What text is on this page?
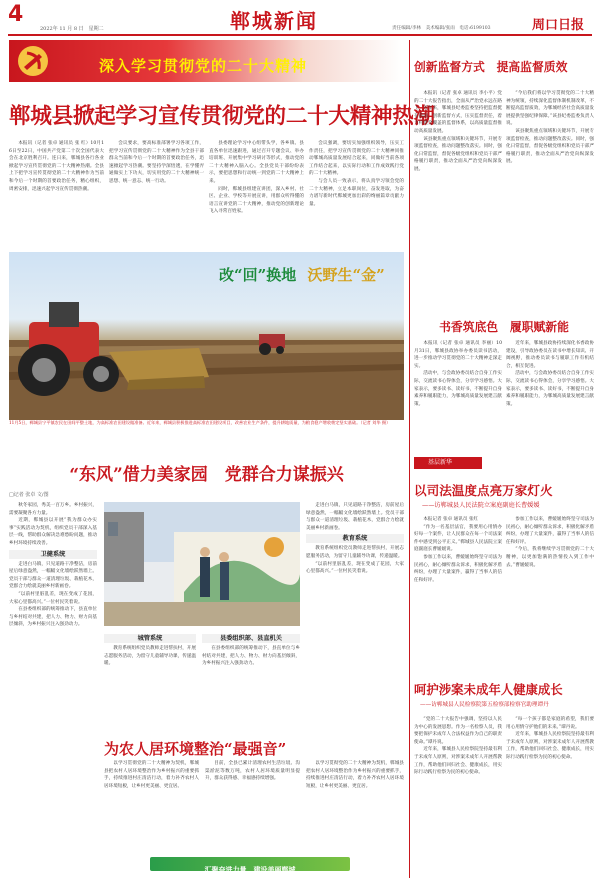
4
2022年 11 月 8 日　星期二	郸城新闻	责任编辑/李林　美术编辑/张雨　电话:6199103	周口日报
深入学习贯彻党的二十大精神
郸城县掀起学习宣传贯彻党的二十大精神热潮

本报讯（记者 张卓 通讯员 张 红）10月16日至22日，中国共产党第二十次全国代表大会在北京胜利召开。连日来，郸城县各行各业掀起学习宣传贯彻党的二十大精神热潮。全县上下把学习宣传贯彻党的二十大精神作为当前和今后一个时期的首要政治任务，精心组织，周密安排，迅速兴起学习宣传贯彻热潮。

会议要求，要高标准部署学习各项工作，把学习宣传贯彻党的二十大精神作为全县干部群众当前和今后一个时期的首要政治任务，迅速掀起学习热潮。要坚持学深悟透，在学懂弄通做实上下功夫，切实用党的二十大精神统一思想、统一意志、统一行动。

县委理论学习中心组带头学，各乡镇、县直各单位迅速跟进，通过召开专题会议、举办培训班、开展集中学习研讨等形式，推动党的二十大精神入脑入心。全县党员干部纷纷表示，要把思想和行动统一到党的二十大精神上来。

同时，郸城县组建宣讲团，深入乡村、社区、企业、学校等开展宣讲，用群众听得懂的语言宣讲党的二十大精神，推动党的创新理论飞入寻常百姓家。

会议强调，要切实加强组织领导，压实工作责任，把学习宣传贯彻党的二十大精神同推动郸城高质量发展结合起来，同做好当前各项工作结合起来，以实际行动和工作成效践行党的二十大精神。

与会人员一致表示，将认真学习领会党的二十大精神，立足本职岗位，奋发进取，为奋力谱写新时代郸城更加出彩的绚丽篇章贡献力量。

改“回”换地 沃野生“金”
11月5日，郸城县宁平镇农民在田间平整土地，为高标准农田建设做准备。近年来，郸城县积极推进高标准农田建设项目，改善农业生产条件，提升耕地质量，为粮食稳产增收奠定坚实基础。（记者 刘华 摄）
“东风”借力美家园　党群合力谋振兴
□记者 张卓 文/图

秋冬家园，秀美一百万乡。乡村振兴，需要凝聚各方力量。

近期，郸城县以开展“我为群众办实事”实践活动为契机，组织党员干部深入基层一线，帮助群众解决急难愁盼问题，推动乡村环境持续改善。

卫健系统

走进白马镇，只见道路干净整洁，房前屋后绿意盎然，一幅幅文化墙绘跃然墙上。党员干部与群众一道清理垃圾、栽植花木，党群合力绘就美丽乡村新画卷。

“以前村里脏乱差，现在变成了花园，大家心里都高兴。”一位村民笑着说。

在县委组织部的统筹推动下，县直单位与乡村结对共建，把人力、物力、财力向基层倾斜，为乡村振兴注入强劲动力。

城管系统

教育系统组织党员教师走进帮扶村，开展志愿服务活动，为留守儿童辅导功课，传递温暖。

县委组织部、县直机关

在县委组织部的统筹推动下，县直单位与乡村结对共建，把人力、物力、财力向基层倾斜，为乡村振兴注入强劲动力。

走进白马镇，只见道路干净整洁，房前屋后绿意盎然，一幅幅文化墙绘跃然墙上。党员干部与群众一道清理垃圾、栽植花木，党群合力绘就美丽乡村新画卷。

教育系统

教育系统组织党员教师走进帮扶村，开展志愿服务活动，为留守儿童辅导功课，传递温暖。

“以前村里脏乱差，现在变成了花园，大家心里都高兴。”一位村民笑着说。

为农人居环境整治“最强音”

以学习贯彻党的二十大精神为契机，郸城县把农村人居环境整治作为乡村振兴的重要抓手，持续推进村庄清洁行动，着力补齐农村人居环境短板，让乡村更美丽、更宜居。

目前，全县已累计清理农村生活垃圾、沟渠淤泥等数万吨，农村人居环境质量明显提升，群众获得感、幸福感持续增强。

以学习贯彻党的二十大精神为契机，郸城县把农村人居环境整治作为乡村振兴的重要抓手，持续推进村庄清洁行动，着力补齐农村人居环境短板，让乡村更美丽、更宜居。

汇聚奋进力量　建设美丽郸城
创新监督方式　提高监督质效

本报讯（记者 张卓 通讯员 李小平）党的二十大报告指出，全面从严治党永远在路上。近年来，郸城县纪委监委坚持把监督挺在前面，创新监督方式，压实监督责任，着力构建全覆盖的监督体系，以高质量监督推动高质量发展。

该县聚焦重点领域和关键环节，开展专项监督检查，推动问题整改落实。同时，强化日常监督，督促各级党组织和党员干部严格履行职责，推动全面从严治党向纵深发展。

“今后我们将以学习贯彻党的二十大精神为统领，持续深化监督体制机制改革，不断提高监督质效，为郸城经济社会高质量发展提供坚强纪律保障。”该县纪委监委负责人说。

该县聚焦重点领域和关键环节，开展专项监督检查，推动问题整改落实。同时，强化日常监督，督促各级党组织和党员干部严格履行职责，推动全面从严治党向纵深发展。

书香筑底色　履职赋新能

本报讯（记者 张卓 通讯员 李丽）10月31日，郸城县政协举办委员读书活动，进一步推动学习贯彻党的二十大精神走深走实。

活动中，与会政协委员结合自身工作实际，交流读书心得体会，分享学习感悟。大家表示，要多读书、读好书，不断提升自身素养和履职能力，为郸城高质量发展建言献策。

近年来，郸城县政协持续深化书香政协建设，引导政协委员在读书中增长知识、开阔视野，推动委员读书与履职工作有机结合，相互促进。

活动中，与会政协委员结合自身工作实际，交流读书心得体会，分享学习感悟。大家表示，要多读书、读好书，不断提升自身素养和履职能力，为郸城高质量发展建言献策。

基层新华
以司法温度点亮万家灯火
——访郸城县人民法院立案庭副庭长曹媛媛

本报记者 张卓 通讯员 张红

“作为一名基层法官，我要用心用情办好每一个案件，让人民群众在每一个司法案件中感受到公平正义。”郸城县人民法院立案庭副庭长曹媛媛说。

参加工作以来，曹媛媛始终坚守司法为民初心，耐心倾听群众诉求，积极化解矛盾纠纷，办理了大量案件，赢得了当事人的信任和好评。

参加工作以来，曹媛媛始终坚守司法为民初心，耐心倾听群众诉求，积极化解矛盾纠纷，办理了大量案件，赢得了当事人的信任和好评。

“今后，我将继续学习贯彻党的二十大精神，以更加饱满的热情投入到工作中去。”曹媛媛说。

呵护涉案未成年人健康成长
——访郸城县人民检察院第五检察部检察官助理谭丹

“党的二十大报告中强调，坚持以人民为中心的发展思想。作为一名检察人员，我要把保护未成年人合法权益作为自己的职责使命。”谭丹说。

近年来，郸城县人民检察院坚持最有利于未成年人原则，对涉案未成年人开展帮教工作，帮助他们回归社会、健康成长，用实际行动践行检察为民的初心使命。

“每一个孩子都是家庭的希望，我们要用心用情守护他们的未来。”谭丹说。

近年来，郸城县人民检察院坚持最有利于未成年人原则，对涉案未成年人开展帮教工作，帮助他们回归社会、健康成长，用实际行动践行检察为民的初心使命。
